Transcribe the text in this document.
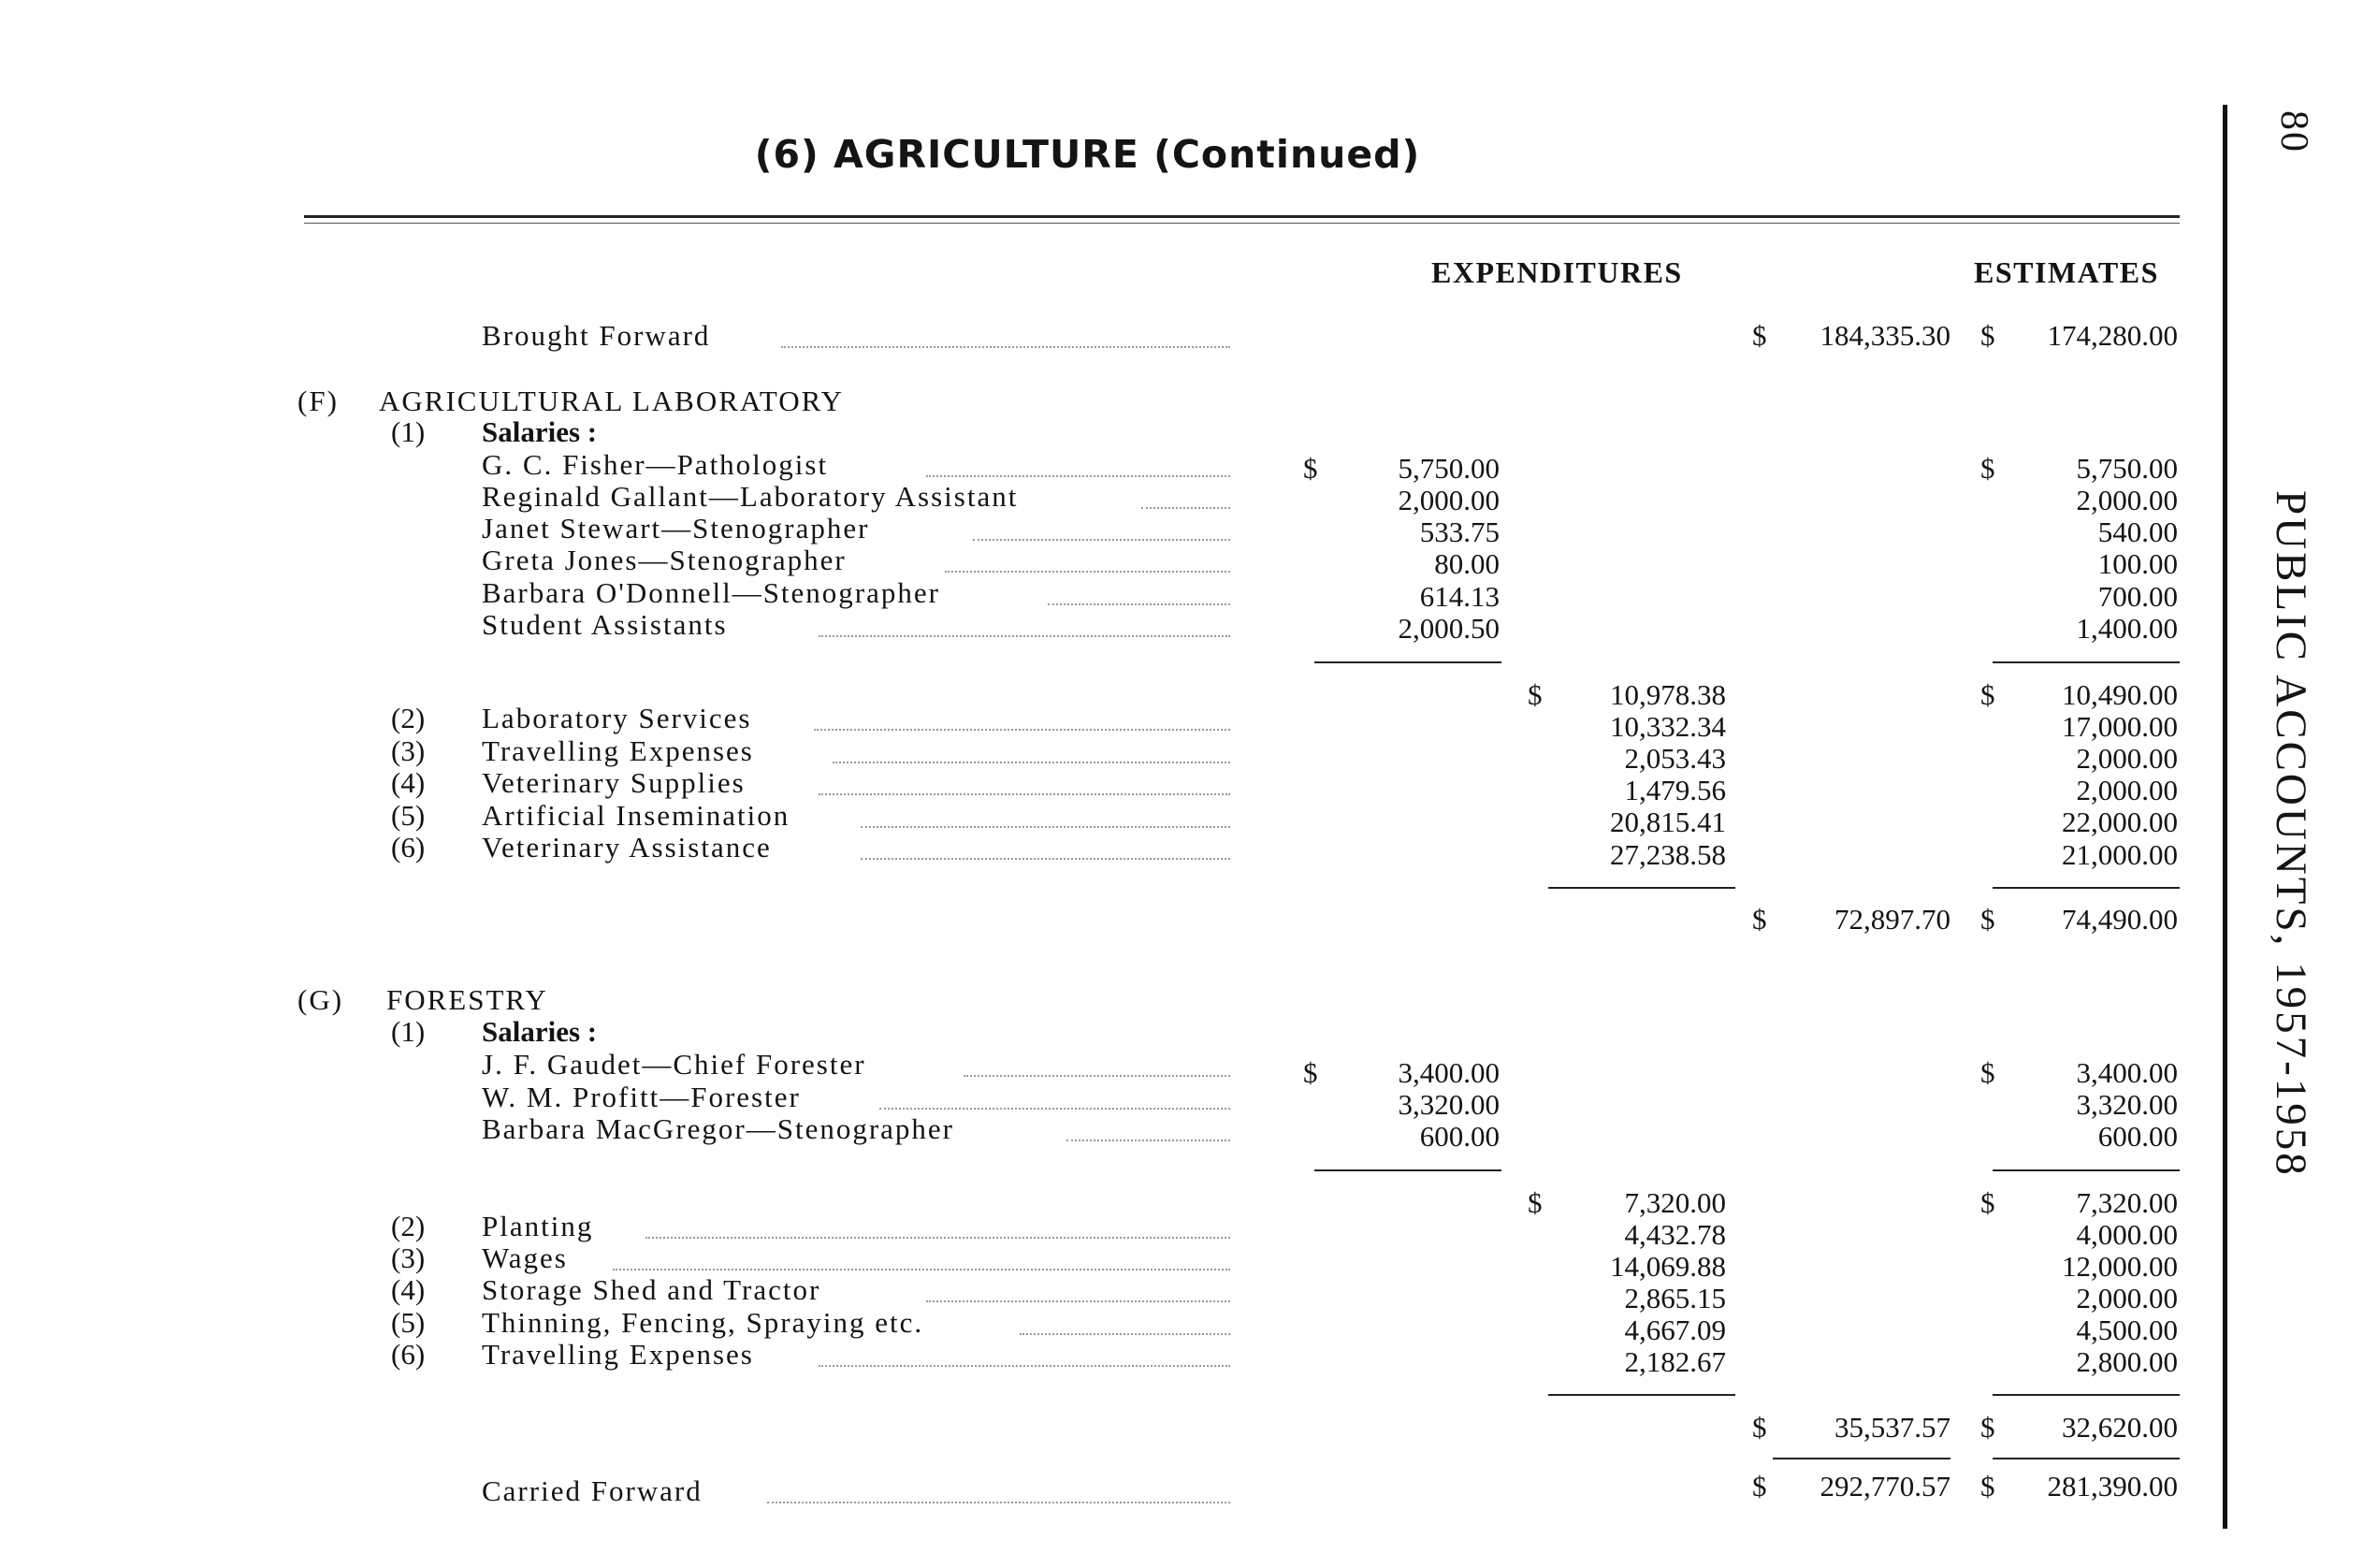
(6) AGRICULTURE (Continued)
EXPENDITURES	ESTIMATES
Brought Forward	$	184,335.30 $	174,280.00
(F) AGRICULTURAL LABORATORY
(1) Salaries :
G. C. Fisher—Pathologist	$	5,750.00	$	5,750.00
Reginald Gallant—Laboratory Assistant	2,000.00	2,000.00
Janet Stewart—Stenographer	533.75	540.00
Greta Jones—Stenographer	80.00	100.00
Barbara O'Donnell—Stenographer	614.13	700.00
Student Assistants	2,000.50	1,400.00
$	10,978.38	$	10,490.00
(2) Laboratory Services	10,332.34	17,000.00
(3) Travelling Expenses	2,053.43	2,000.00
(4) Veterinary Supplies	1,479.56	2,000.00
(5) Artificial Insemination	20,815.41	22,000.00
(6) Veterinary Assistance	27,238.58	21,000.00
$	72,897.70 $	74,490.00
(G) FORESTRY
(1) Salaries :
J. F. Gaudet—Chief Forester	$	3,400.00	$	3,400.00
W. M. Profitt—Forester	3,320.00	3,320.00
Barbara MacGregor—Stenographer	600.00	600.00
$	7,320.00	$	7,320.00
(2) Planting	4,432.78	4,000.00
(3) Wages	14,069.88	12,000.00
(4) Storage Shed and Tractor	2,865.15	2,000.00
(5) Thinning, Fencing, Spraying etc.	4,667.09	4,500.00
(6) Travelling Expenses	2,182.67	2,800.00
$	35,537.57 $	32,620.00
Carried Forward	$	292,770.57 $	281,390.00
80
PUBLIC ACCOUNTS, 1957-1958
